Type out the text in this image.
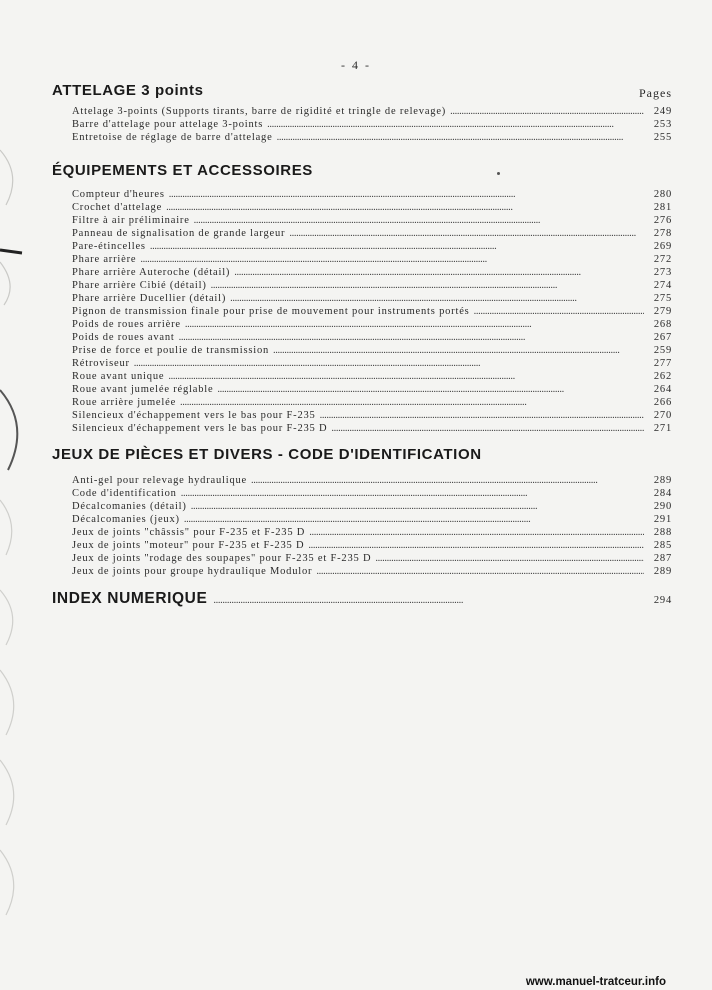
- 4 -
Pages
ATTELAGE 3 points
Attelage 3-points (Supports tirants, barre de rigidité et tringle de relevage) . . .	249
Barre d'attelage pour attelage 3-points . . .	253
Entretoise de réglage de barre d'attelage . . .	255
ÉQUIPEMENTS ET ACCESSOIRES
Compteur d'heures . . .	280
Crochet d'attelage . . .	281
Filtre à air préliminaire . . .	276
Panneau de signalisation de grande largeur . . .	278
Pare-étincelles . . .	269
Phare arrière . . .	272
Phare arrière Auteroche (détail) . . .	273
Phare arrière Cibié (détail) . . .	274
Phare arrière Ducellier (détail) . . .	275
Pignon de transmission finale pour prise de mouvement pour instruments portés . . .	279
Poids de roues arrière . . .	268
Poids de roues avant . . .	267
Prise de force et poulie de transmission . . .	259
Rétroviseur . . .	277
Roue avant unique . . .	262
Roue avant jumelée réglable . . .	264
Roue arrière jumelée . . .	266
Silencieux d'échappement vers le bas pour F-235 . . .	270
Silencieux d'échappement vers le bas pour F-235 D . . .	271
JEUX DE PIÈCES ET DIVERS - CODE D'IDENTIFICATION
Anti-gel pour relevage hydraulique . . .	289
Code d'identification . . .	284
Décalcomanies (détail) . . .	290
Décalcomanies (jeux) . . .	291
Jeux de joints "châssis" pour F-235 et F-235 D . . .	288
Jeux de joints "moteur" pour F-235 et F-235 D . . .	285
Jeux de joints "rodage des soupapes" pour F-235 et F-235 D . . .	287
Jeux de joints pour groupe hydraulique Modulor . . .	289
INDEX NUMERIQUE . . .	294
www.manuel-tratceur.info
